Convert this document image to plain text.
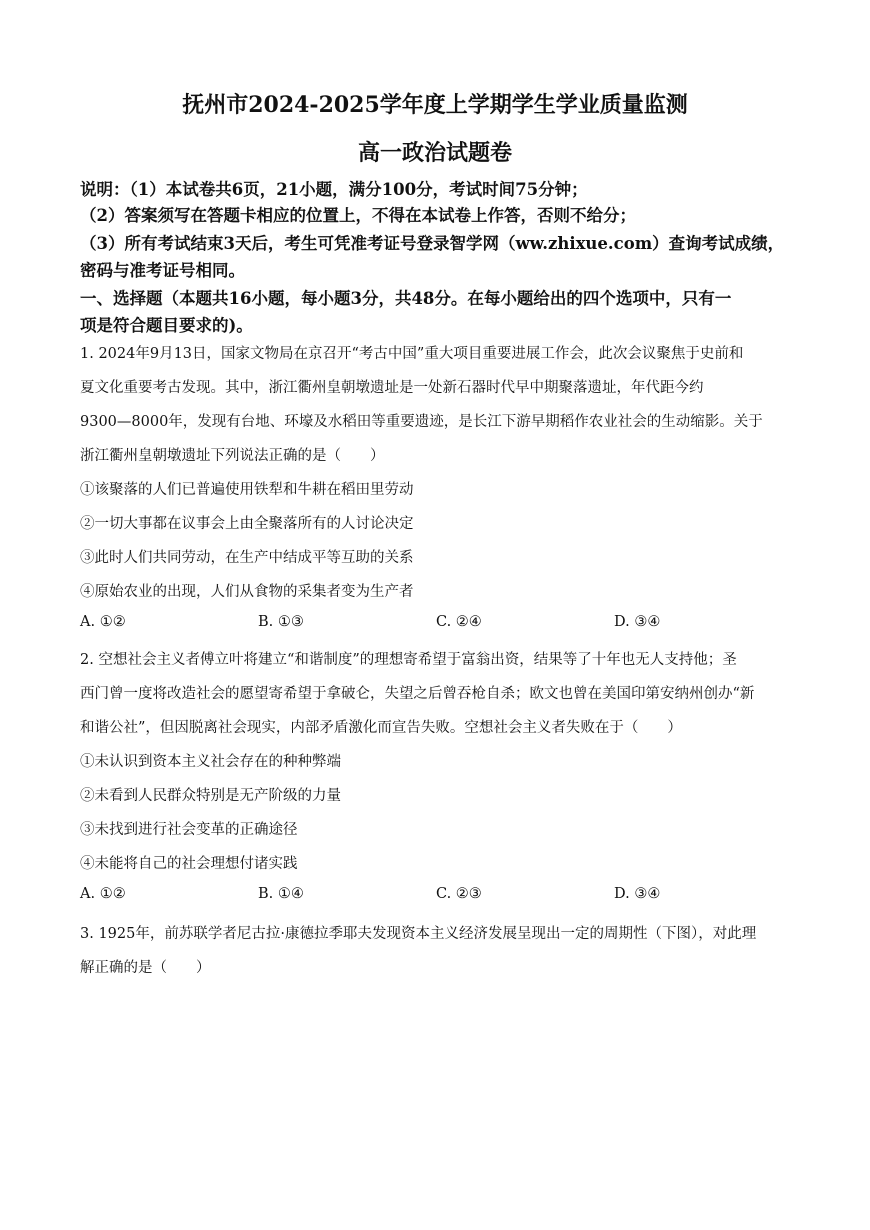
抚州市2024-2025学年度上学期学生学业质量监测
高一政治试题卷
说明：（1）本试卷共6页，21小题，满分100分，考试时间75分钟；
（2）答案须写在答题卡相应的位置上，不得在本试卷上作答，否则不给分；
（3）所有考试结束3天后，考生可凭准考证号登录智学网（ww.zhixue.com）查询考试成绩，
密码与准考证号相同。
一、选择题（本题共16小题，每小题3分，共48分。在每小题给出的四个选项中，只有一
项是符合题目要求的)。
1. 2024年9月13日，国家文物局在京召开“考古中国”重大项目重要进展工作会，此次会议聚焦于史前和
夏文化重要考古发现。其中，浙江衢州皇朝墩遗址是一处新石器时代早中期聚落遗址，年代距今约
9300—8000年，发现有台地、环壕及水稻田等重要遗迹，是长江下游早期稻作农业社会的生动缩影。关于
浙江衢州皇朝墩遗址下列说法正确的是（　　）
①该聚落的人们已普遍使用铁犁和牛耕在稻田里劳动
②一切大事都在议事会上由全聚落所有的人讨论决定
③此时人们共同劳动，在生产中结成平等互助的关系
④原始农业的出现，人们从食物的采集者变为生产者
A. ①②	B. ①③	C. ②④	D. ③④
2. 空想社会主义者傅立叶将建立“和谐制度”的理想寄希望于富翁出资，结果等了十年也无人支持他；圣
西门曾一度将改造社会的愿望寄希望于拿破仑，失望之后曾吞枪自杀；欧文也曾在美国印第安纳州创办“新
和谐公社”，但因脱离社会现实，内部矛盾激化而宣告失败。空想社会主义者失败在于（　　）
①未认识到资本主义社会存在的种种弊端
②未看到人民群众特别是无产阶级的力量
③未找到进行社会变革的正确途径
④未能将自己的社会理想付诸实践
A. ①②	B. ①④	C. ②③	D. ③④
3. 1925年，前苏联学者尼古拉·康德拉季耶夫发现资本主义经济发展呈现出一定的周期性（下图），对此理
解正确的是（　　）
